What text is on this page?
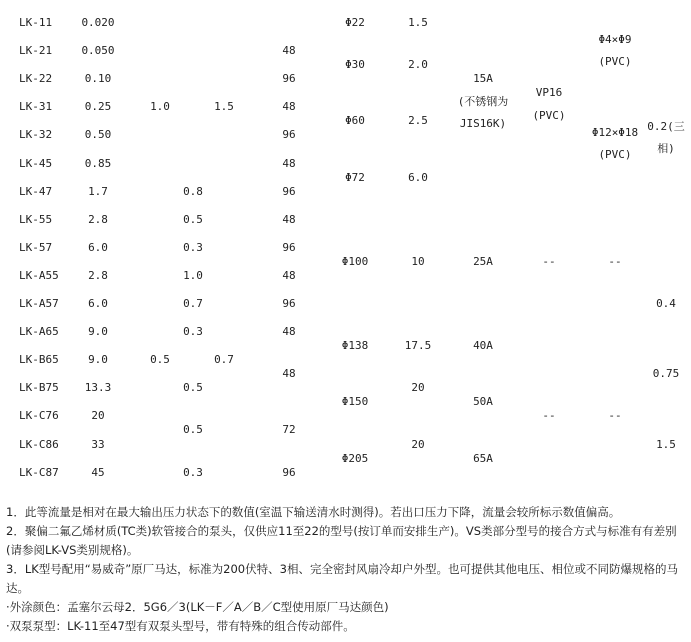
LK-11
LK-21
LK-22
LK-31
LK-32
LK-45
LK-47
LK-55
LK-57
LK-A55
LK-A57
LK-A65
LK-B65
LK-B75
LK-C76
LK-C86
LK-C87
0.020
0.050
0.10
0.25
0.50
0.85
1.7
2.8
6.0
2.8
6.0
9.0
9.0
13.3
20
33
45
1.0
0.5
0.8
0.5
0.3
1.0
0.7
0.3
0.5
0.5
0.3
1.5
0.7
48
96
48
96
48
96
48
96
48
96
48
48
72
96
Φ22
Φ30
Φ60
Φ72
Φ100
Φ138
Φ150
Φ205
1.5
2.0
2.5
6.0
10
17.5
20
20
15A
(不锈钢为
JIS16K)
25A
40A
50A
65A
VP16
(PVC)
--
--
Φ4×Φ9
(PVC)
Φ12×Φ18
(PVC)
--
--
0.2(三
相)
0.4
0.75
1.5

1．此等流量是相对在最大输出压力状态下的数值(室温下输送清水时测得)。若出口压力下降，流量会较所标示数值偏高。

2．聚偏二氟乙烯材质(TC类)软管接合的泵头，仅供应11至22的型号(按订单而安排生产)。VS类部分型号的接合方式与标准有有差别(请参阅LK-VS类别规格)。

3．LK型号配用“易威奇”原厂马达，标准为200伏特、3相、完全密封风扇冷却户外型。也可提供其他电压、相位或不同防爆规格的马达。

·外涂颜色：孟塞尔云母2．5G6／3(LK－F／A／B／C型使用原厂马达颜色)

·双泵泵型：LK-11至47型有双泵头型号，带有特殊的组合传动部件。
